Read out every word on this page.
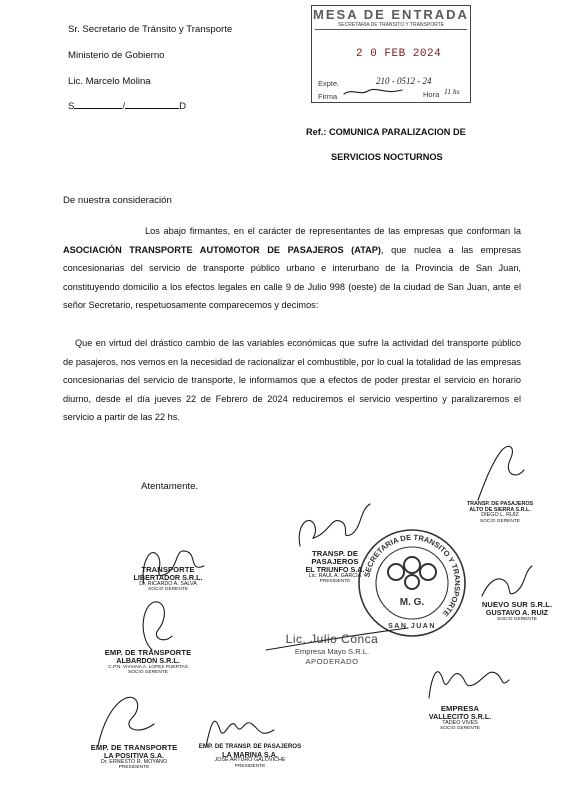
Sr. Secretario de Tránsito y Transporte
Ministerio de Gobierno
Lic. Marcelo Molina
S	/	D
MESA DE ENTRADA
SECRETARIA DE TRANSITO Y TRANSPORTE
2 0 FEB 2024
Expte.	210 - 0512 - 24
Firma	Hora 11 hs
Ref.: COMUNICA PARALIZACION DE
SERVICIOS NOCTURNOS
De nuestra consideración
Los abajo firmantes, en el carácter de representantes de las empresas que conforman la ASOCIACIÓN TRANSPORTE AUTOMOTOR DE PASAJEROS (ATAP), que nuclea a las empresas concesionarias del servicio de transporte público urbano e interurbano de la Provincia de San Juan, constituyendo domicilio a los efectos legales en calle 9 de Julio 998 (oeste) de la ciudad de San Juan, ante el señor Secretario, respetuosamente comparecemos y decimos:
Que en virtud del drástico cambio de las variables económicas que sufre la actividad del transporte público de pasajeros, nos vemos en la necesidad de racionalizar el combustible, por lo cual la totalidad de las empresas concesionarias del servicio de transporte, le informamos que a efectos de poder prestar el servicio en horario diurno, desde el día jueves 22 de Febrero de 2024 reduciremos el servicio vespertino y paralizaremos el servicio a partir de las 22 hs.
Atentamente.
SECRETARIA DE TRANSITO Y TRANSPORTE
M. G.
SAN JUAN
TRANSPORTE
LIBERTADOR S.R.L.
Dr. RICARDO A. SALVA
SOCIO GERENTE
TRANSP. DE PASAJEROS
EL TRIUNFO S.A.
Lic. RAUL A. GARCIA
PRESIDENTE
TRANSP. DE PASAJEROS
ALTO DE SIERRA S.R.L.
DIEGO L. RUIZ
SOCIO GERENTE
NUEVO SUR S.R.L.
GUSTAVO A. RUIZ
SOCIO GERENTE
EMP. DE TRANSPORTE
ALBARDON S.R.L.
C.P.N. VIVIANA A. LOPEZ PUERTAS
SOCIO GERENTE
Lic. Julio Conca
Empresa Mayo S.R.L.
APODERADO
EMPRESA
VALLECITO S.R.L.
TADEO VIVES
SOCIO GERENTE
EMP. DE TRANSPORTE
LA POSITIVA S.A.
Dr. ERNESTO R. MOYANO
PRESIDENTE
EMP. DE TRANSP. DE PASAJEROS
LA MARINA S.A.
JOSE ARTURO GALOVICHE
PRESIDENTE
